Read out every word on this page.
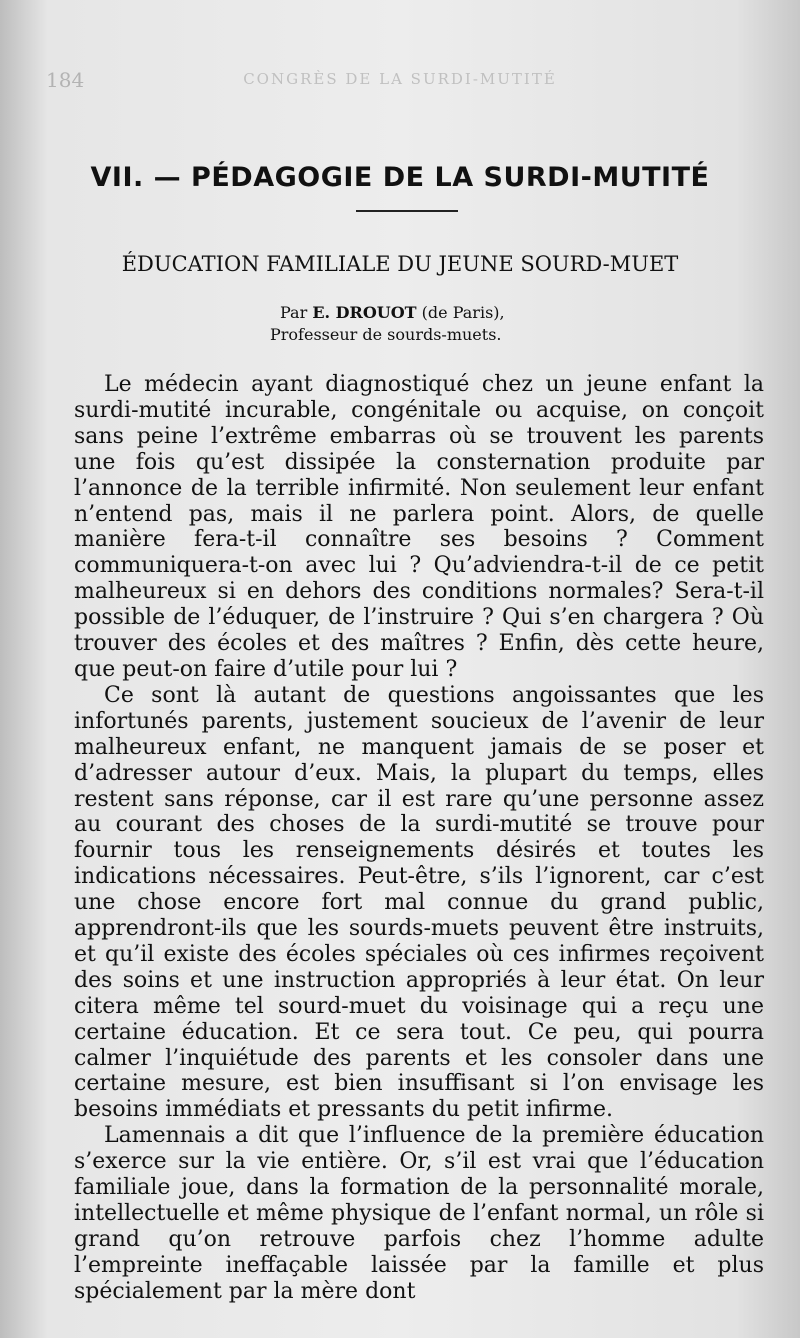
184	CONGRÈS DE LA SURDI-MUTITÉ
VII. — PÉDAGOGIE DE LA SURDI-MUTITÉ
ÉDUCATION FAMILIALE DU JEUNE SOURD-MUET
Par E. DROUOT (de Paris),
Professeur de sourds-muets.

Le médecin ayant diagnostiqué chez un jeune enfant la surdi-mutité incurable, congénitale ou acquise, on conçoit sans peine l’extrême embarras où se trouvent les parents une fois qu’est dissipée la consternation produite par l’annonce de la terrible infirmité. Non seulement leur enfant n’entend pas, mais il ne parlera point. Alors, de quelle manière fera-t-il connaître ses besoins ? Comment communiquera-t-on avec lui ? Qu’adviendra-t-il de ce petit malheureux si en dehors des conditions normales? Sera-t-il possible de l’éduquer, de l’instruire ? Qui s’en chargera ? Où trouver des écoles et des maîtres ? Enfin, dès cette heure, que peut-on faire d’utile pour lui ?

Ce sont là autant de questions angoissantes que les infortunés parents, justement soucieux de l’avenir de leur malheureux enfant, ne manquent jamais de se poser et d’adresser autour d’eux. Mais, la plupart du temps, elles restent sans réponse, car il est rare qu’une personne assez au courant des choses de la surdi-mutité se trouve pour fournir tous les renseignements désirés et toutes les indications nécessaires. Peut-être, s’ils l’ignorent, car c’est une chose encore fort mal connue du grand public, apprendront-ils que les sourds-muets peuvent être instruits, et qu’il existe des écoles spéciales où ces infirmes reçoivent des soins et une instruction appropriés à leur état. On leur citera même tel sourd-muet du voisinage qui a reçu une certaine éducation. Et ce sera tout. Ce peu, qui pourra calmer l’inquiétude des parents et les consoler dans une certaine mesure, est bien insuffisant si l’on envisage les besoins immédiats et pressants du petit infirme.

Lamennais a dit que l’influence de la première éducation s’exerce sur la vie entière. Or, s’il est vrai que l’éducation familiale joue, dans la formation de la personnalité morale, intellectuelle et même physique de l’enfant normal, un rôle si grand qu’on retrouve parfois chez l’homme adulte l’empreinte ineffaçable laissée par la famille et plus spécialement par la mère dont
